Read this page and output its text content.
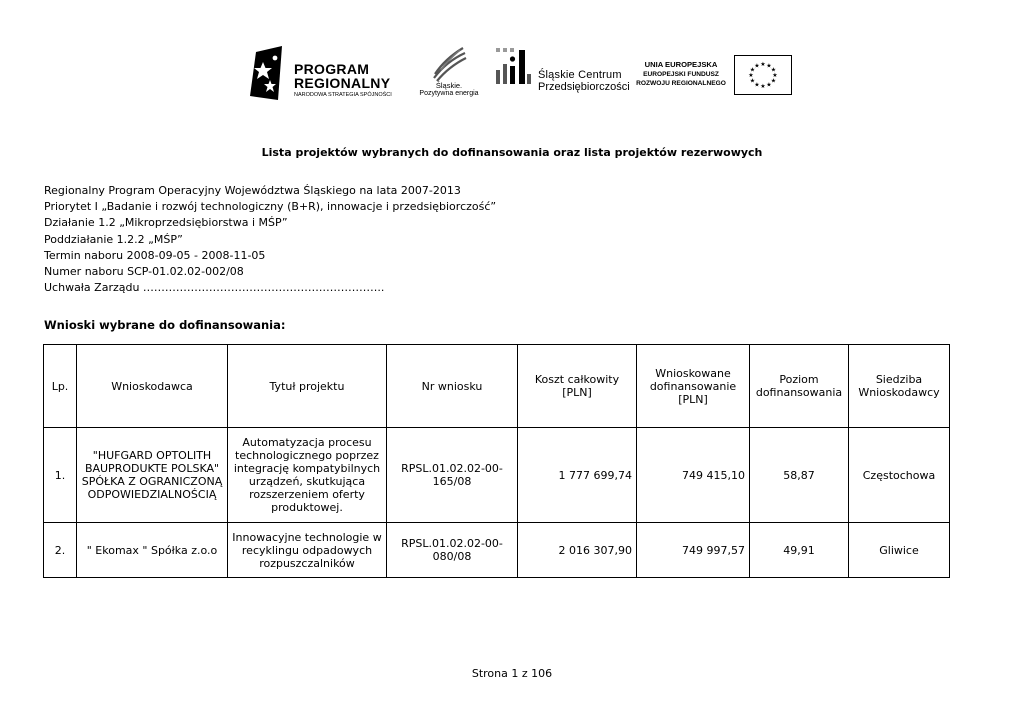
PROGRAM
REGIONALNY
NARODOWA STRATEGIA SPÓJNOŚCI
Śląskie.
Pozytywna energia
Śląskie Centrum
Przedsiębiorczości
UNIA EUROPEJSKA
EUROPEJSKI FUNDUSZ
ROZWOJU REGIONALNEGO
★ ★
★
★
★
★
★
★
★
★
★
★
Lista projektów wybranych do dofinansowania oraz lista projektów rezerwowych
Regionalny Program Operacyjny Województwa Śląskiego na lata 2007-2013
Priorytet I „Badanie i rozwój technologiczny (B+R), innowacje i przedsiębiorczość”
Działanie 1.2 „Mikroprzedsiębiorstwa i MŚP”
Poddziałanie 1.2.2 „MŚP”
Termin naboru 2008-09-05 - 2008-11-05
Numer naboru SCP-01.02.02-002/08
Uchwała Zarządu ………………………………………….……………..
Wnioski wybrane do dofinansowania:
Lp.	Wnioskodawca	Tytuł projektu	Nr wniosku	Koszt całkowity [PLN]	Wnioskowane dofinansowanie [PLN]	Poziom dofinansowania	Siedziba Wnioskodawcy
1.	"HUFGARD OPTOLITH BAUPRODUKTE POLSKA" SPÓŁKA Z OGRANICZONĄ ODPOWIEDZIALNOŚCIĄ	Automatyzacja procesu technologicznego poprzez integrację kompatybilnych urządzeń, skutkująca rozszerzeniem oferty produktowej.	RPSL.01.02.02-00-165/08	1 777 699,74	749 415,10	58,87	Częstochowa
2.	" Ekomax " Spółka z.o.o	Innowacyjne technologie w recyklingu odpadowych rozpuszczalników	RPSL.01.02.02-00-080/08	2 016 307,90	749 997,57	49,91	Gliwice
Strona 1 z 106
